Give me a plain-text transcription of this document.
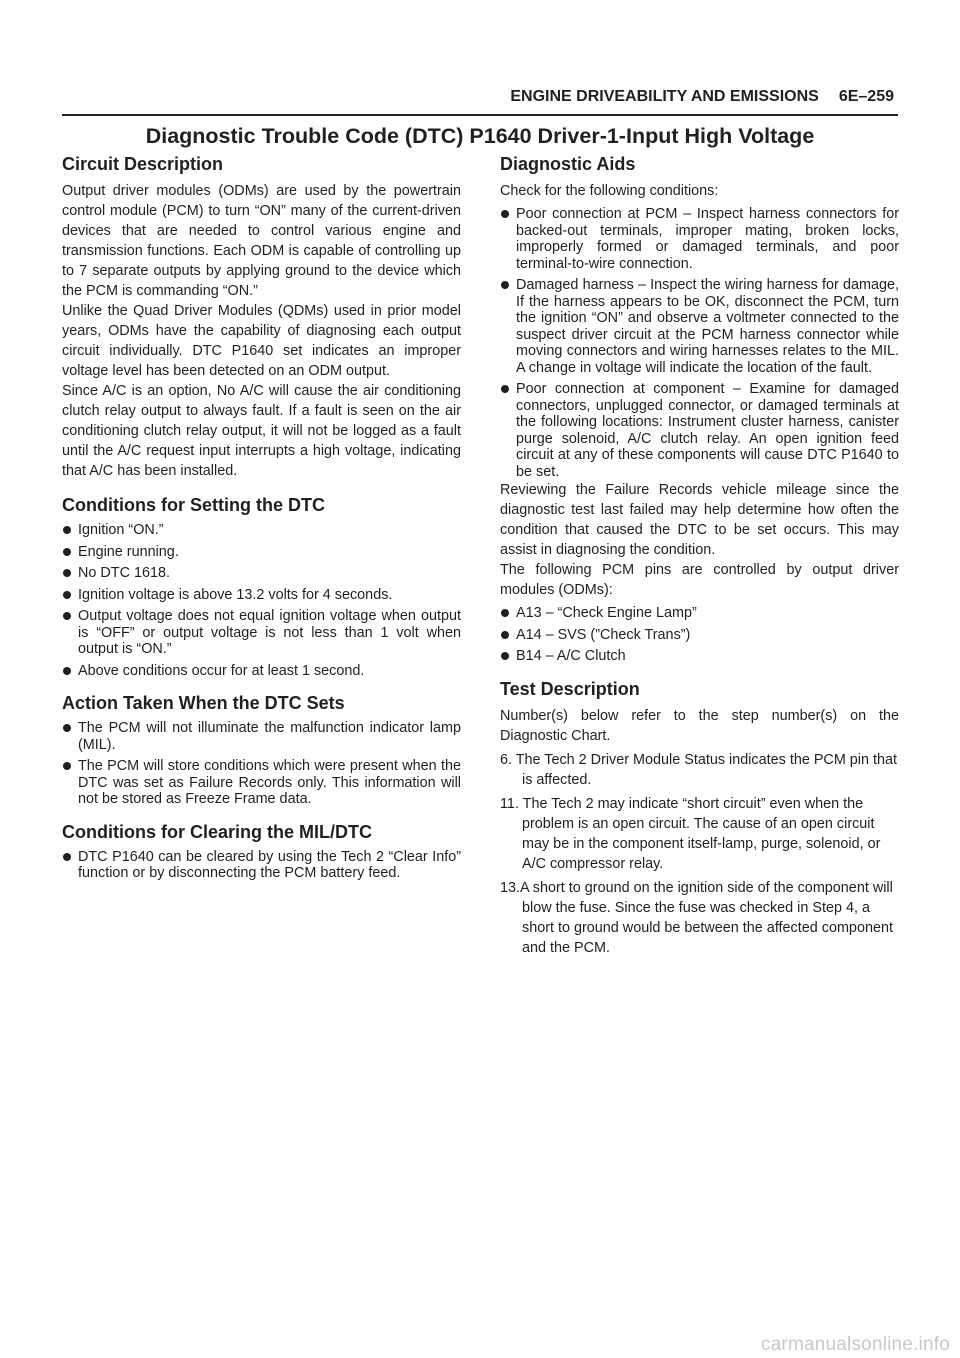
ENGINE DRIVEABILITY AND EMISSIONS 6E–259
Diagnostic Trouble Code (DTC) P1640 Driver-1-Input High Voltage
Circuit Description

Output driver modules (ODMs) are used by the powertrain control module (PCM) to turn “ON” many of the current-driven devices that are needed to control various engine and transmission functions. Each ODM is capable of controlling up to 7 separate outputs by applying ground to the device which the PCM is commanding “ON.”

Unlike the Quad Driver Modules (QDMs) used in prior model years, ODMs have the capability of diagnosing each output circuit individually. DTC P1640 set indicates an improper voltage level has been detected on an ODM output.

Since A/C is an option, No A/C will cause the air conditioning clutch relay output to always fault. If a fault is seen on the air conditioning clutch relay output, it will not be logged as a fault until the A/C request input interrupts a high voltage, indicating that A/C has been installed.

Conditions for Setting the DTC
Ignition “ON.”
Engine running.
No DTC 1618.
Ignition voltage is above 13.2 volts for 4 seconds.
Output voltage does not equal ignition voltage when output is “OFF” or output voltage is not less than 1 volt when output is “ON.”
Above conditions occur for at least 1 second.
Action Taken When the DTC Sets
The PCM will not illuminate the malfunction indicator lamp (MIL).
The PCM will store conditions which were present when the DTC was set as Failure Records only. This information will not be stored as Freeze Frame data.
Conditions for Clearing the MIL/DTC
DTC P1640 can be cleared by using the Tech 2 “Clear Info” function or by disconnecting the PCM battery feed.
Diagnostic Aids

Check for the following conditions:

Poor connection at PCM – Inspect harness connectors for backed-out terminals, improper mating, broken locks, improperly formed or damaged terminals, and poor terminal-to-wire connection.
Damaged harness – Inspect the wiring harness for damage, If the harness appears to be OK, disconnect the PCM, turn the ignition “ON” and observe a voltmeter connected to the suspect driver circuit at the PCM harness connector while moving connectors and wiring harnesses relates to the MIL. A change in voltage will indicate the location of the fault.
Poor connection at component – Examine for damaged connectors, unplugged connector, or damaged terminals at the following locations: Instrument cluster harness, canister purge solenoid, A/C clutch relay. An open ignition feed circuit at any of these components will cause DTC P1640 to be set.

Reviewing the Failure Records vehicle mileage since the diagnostic test last failed may help determine how often the condition that caused the DTC to be set occurs. This may assist in diagnosing the condition.

The following PCM pins are controlled by output driver modules (ODMs):

A13 – “Check Engine Lamp”
A14 – SVS (”Check Trans”)
B14 – A/C Clutch
Test Description

Number(s) below refer to the step number(s) on the Diagnostic Chart.

6. The Tech 2 Driver Module Status indicates the PCM pin that is affected.
11. The Tech 2 may indicate “short circuit” even when the problem is an open circuit. The cause of an open circuit may be in the component itself-lamp, purge, solenoid, or A/C compressor relay.
13.A short to ground on the ignition side of the component will blow the fuse. Since the fuse was checked in Step 4, a short to ground would be between the affected component and the PCM.
carmanualsonline.info
